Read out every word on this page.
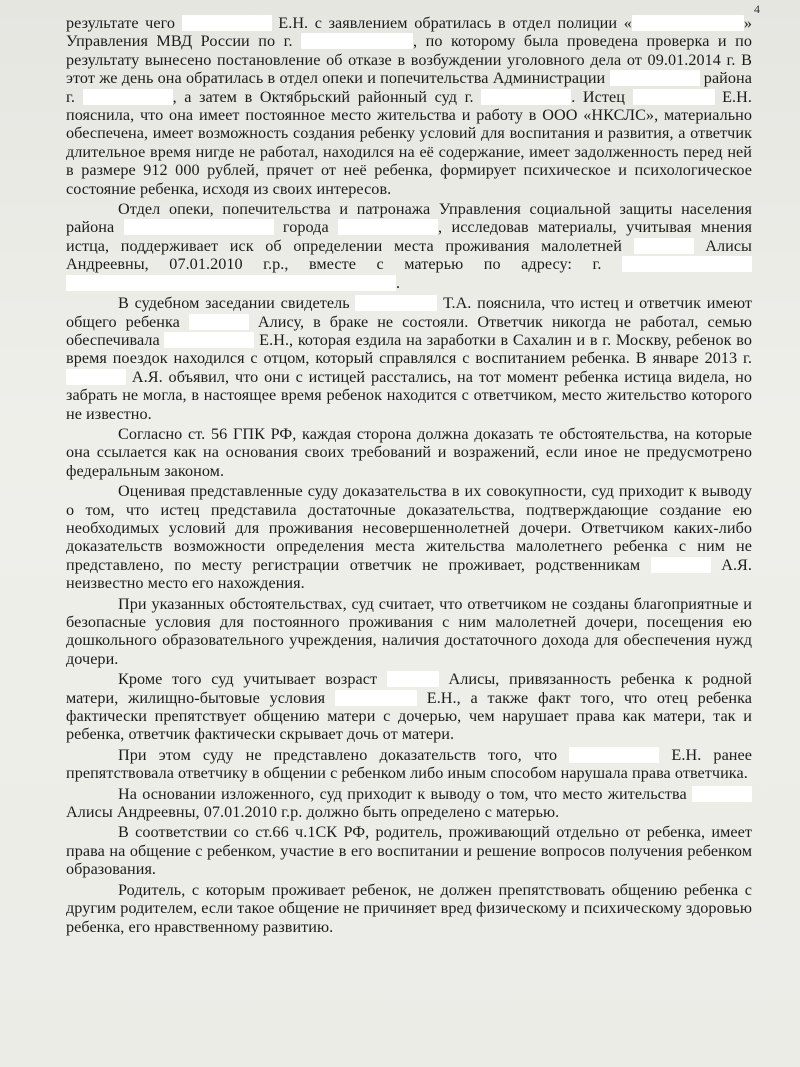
4

результате чего	Е.Н. с заявлением обратилась в отдел полиции «	» Управления МВД России по г.	, по которому была проведена проверка и по результату вынесено постановление об отказе в возбуждении уголовного дела от 09.01.2014 г. В этот же день она обратилась в отдел опеки и попечительства Администрации	района г.	, а затем в Октябрьский районный суд г.	. Истец	Е.Н. пояснила, что она имеет постоянное место жительства и работу в ООО «НКСЛС», материально обеспечена, имеет возможность создания ребенку условий для воспитания и развития, а ответчик длительное время нигде не работал, находился на её содержание, имеет задолженность перед ней в размере 912 000 рублей, прячет от неё ребенка, формирует психическое и психологическое состояние ребенка, исходя из своих интересов.

Отдел опеки, попечительства и патронажа Управления социальной защиты населения района	города	, исследовав материалы, учитывая мнения истца, поддерживает иск об определении места проживания малолетней	Алисы Андреевны, 07.01.2010 г.р., вместе с матерью по адресу: г.  .

В судебном заседании свидетель	Т.А. пояснила, что истец и ответчик имеют общего ребенка	Алису, в браке не состояли. Ответчик никогда не работал, семью обеспечивала	Е.Н., которая ездила на заработки в Сахалин и в г. Москву, ребенок во время поездок находился с отцом, который справлялся с воспитанием ребенка. В январе 2013 г.  А.Я. объявил, что они с истицей расстались, на тот момент ребенка истица видела, но забрать не могла, в настоящее время ребенок находится с ответчиком, место жительство которого не известно.

Согласно ст. 56 ГПК РФ, каждая сторона должна доказать те обстоятельства, на которые она ссылается как на основания своих требований и возражений, если иное не предусмотрено федеральным законом.

Оценивая представленные суду доказательства в их совокупности, суд приходит к выводу о том, что истец представила достаточные доказательства, подтверждающие создание ею необходимых условий для проживания несовершеннолетней дочери. Ответчиком каких-либо доказательств возможности определения места жительства малолетнего ребенка с ним не представлено, по месту регистрации ответчик не проживает, родственникам	А.Я. неизвестно место его нахождения.

При указанных обстоятельствах, суд считает, что ответчиком не созданы благоприятные и безопасные условия для постоянного проживания с ним малолетней дочери, посещения ею дошкольного образовательного учреждения, наличия достаточного дохода для обеспечения нужд дочери.

Кроме того суд учитывает возраст	Алисы, привязанность ребенка к родной матери, жилищно-бытовые условия	Е.Н., а также факт того, что отец ребенка фактически препятствует общению матери с дочерью, чем нарушает права как матери, так и ребенка, ответчик фактически скрывает дочь от матери.

При этом суду не представлено доказательств того, что	Е.Н. ранее препятствовала ответчику в общении с ребенком либо иным способом нарушала права ответчика.

На основании изложенного, суд приходит к выводу о том, что место жительства Алисы Андреевны, 07.01.2010 г.р. должно быть определено с матерью.

В соответствии со ст.66 ч.1СК РФ, родитель, проживающий отдельно от ребенка, имеет права на общение с ребенком, участие в его воспитании и решение вопросов получения ребенком образования.

Родитель, с которым проживает ребенок, не должен препятствовать общению ребенка с другим родителем, если такое общение не причиняет вред физическому и психическому здоровью ребенка, его нравственному развитию.
